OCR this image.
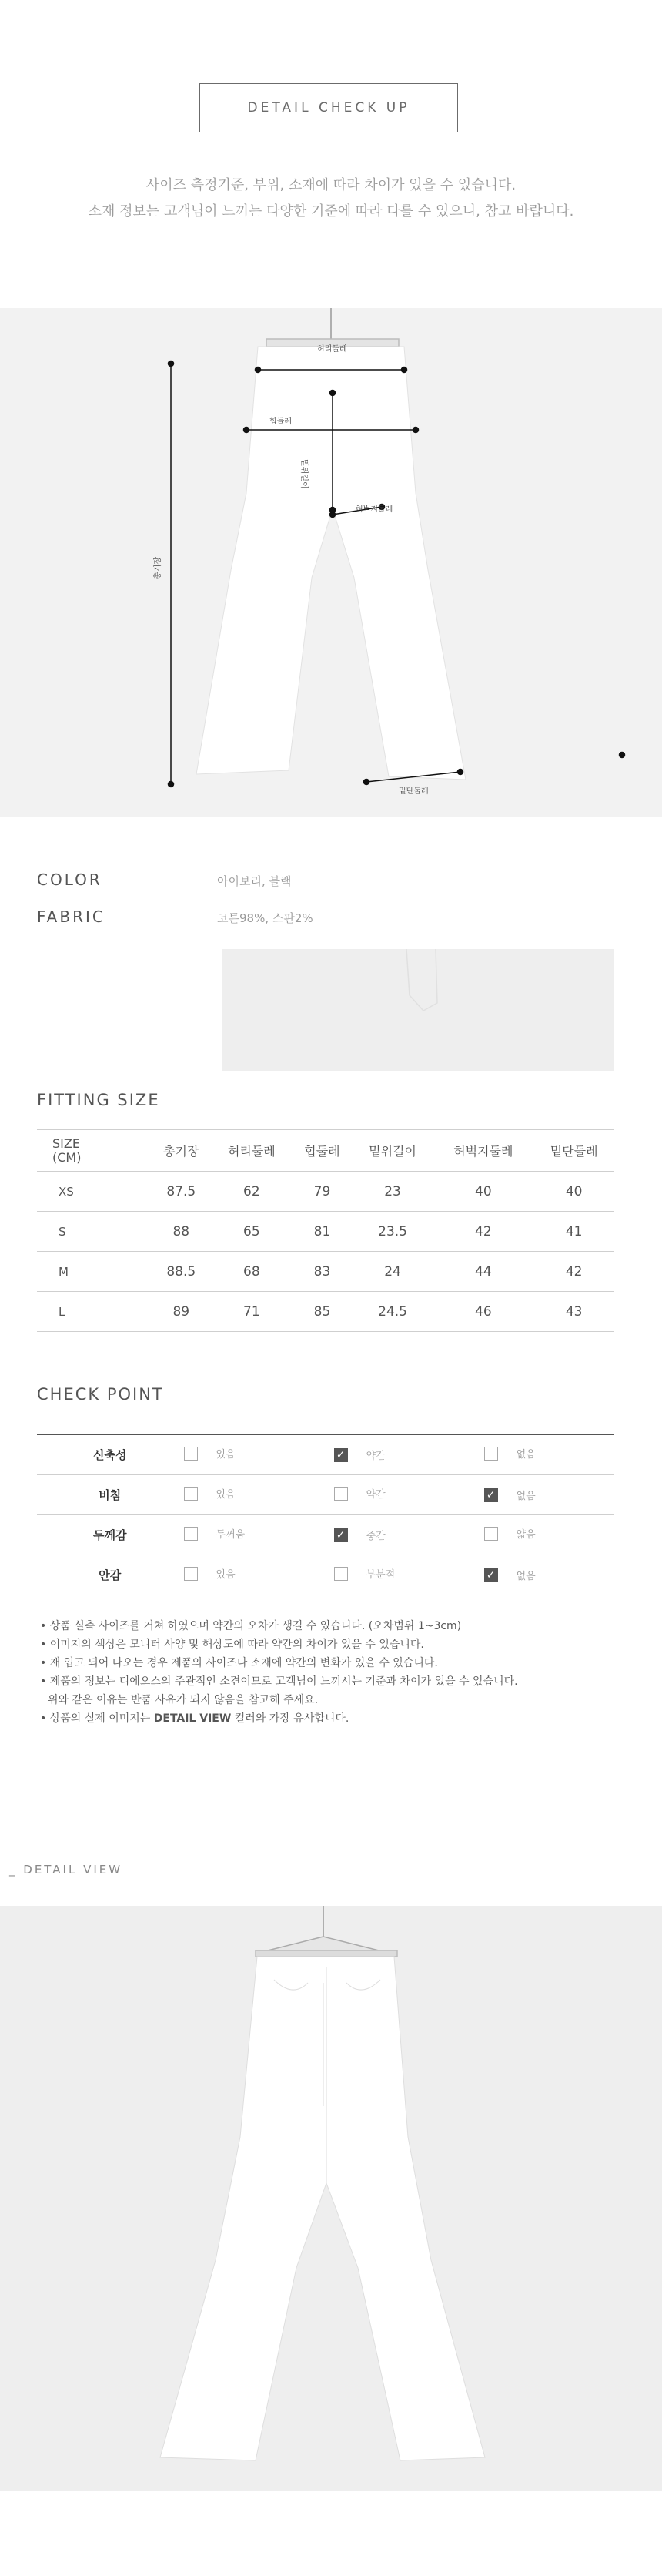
DETAIL CHECK UP
사이즈 측정기준, 부위, 소재에 따라 차이가 있을 수 있습니다.
소재 정보는 고객님이 느끼는 다양한 기준에 따라 다를 수 있으니, 참고 바랍니다.
허리둘레
힙둘레
밑위길이
허벅지둘레
총기장
밑단둘레
COLOR	아이보리, 블랙
FABRIC	코튼98%, 스판2%
FITTING SIZE
SIZE
(CM)	총기장	허리둘레	힙둘레	밑위길이	허벅지둘레	밑단둘레
XS	87.5	62	79	23	40	40
S	88	65	81	23.5	42	41
M	88.5	68	83	24	44	42
L	89	71	85	24.5	46	43
CHECK POINT
신축성	있음	✓ 약간	없음

비침	있음	약간	✓ 없음

두께감	두꺼움	✓ 중간	얇음

안감	있음	부분적	✓ 없음
• 상품 실측 사이즈를 거쳐 하였으며 약간의 오차가 생길 수 있습니다. (오차범위 1~3cm)
• 이미지의 색상은 모니터 사양 및 해상도에 따라 약간의 차이가 있을 수 있습니다.
• 재 입고 되어 나오는 경우 제품의 사이즈나 소재에 약간의 변화가 있을 수 있습니다.
• 제품의 정보는 디에오스의 주관적인 소견이므로 고객님이 느끼시는 기준과 차이가 있을 수 있습니다.
위와 같은 이유는 반품 사유가 되지 않음을 참고해 주세요.
• 상품의 실제 이미지는 DETAIL VIEW 컬러와 가장 유사합니다.
_ DETAIL VIEW
